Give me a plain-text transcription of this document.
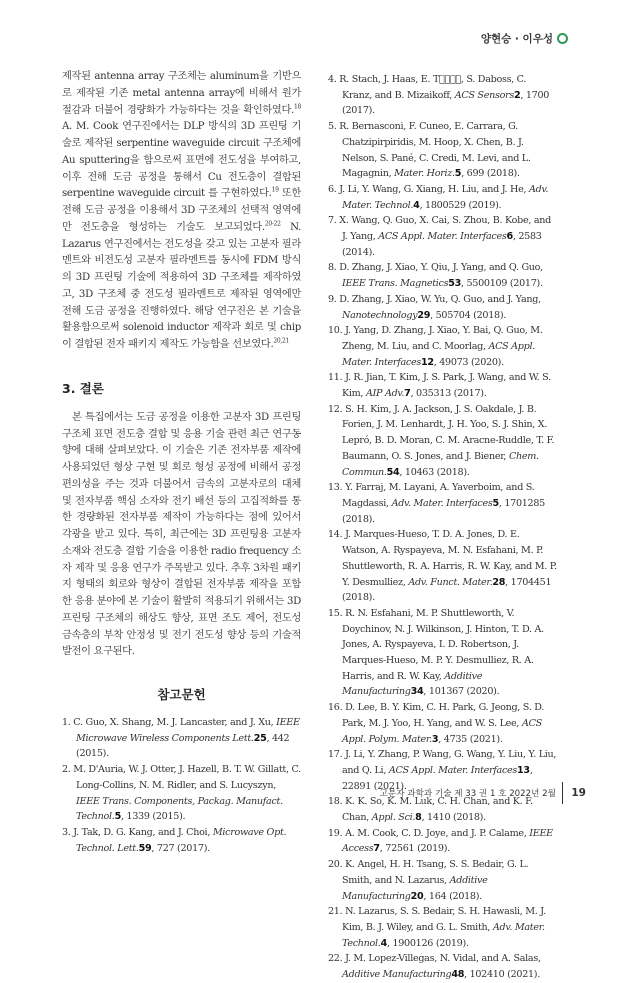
양현승 · 이우성

제작된 antenna array 구조체는 aluminum을 기반으로 제작된 기존 metal antenna array에 비해서 원가 절감과 더불어 경량화가 가능하다는 것을 확인하였다.$^{18}$ A. M. Cook 연구진에서는 DLP 방식의 3D 프린팅 기술로 제작된 serpentine waveguide circuit 구조체에 Au sputtering을 함으로써 표면에 전도성을 부여하고, 이후 전해 도금 공정을 통해서 Cu 전도층이 결합된 serpentine waveguide circuit 를 구현하였다.$^{19}$ 또한 전해 도금 공정을 이용해서 3D 구조체의 선택적 영역에만 전도층을 형성하는 기술도 보고되었다.$^{20-22}$ N. Lazarus 연구진에서는 전도성을 갖고 있는 고분자 필라멘트와 비전도성 고분자 필라멘트를 동시에 FDM 방식의 3D 프린팅 기술에 적용하여 3D 구조체를 제작하였고, 3D 구조체 중 전도성 필라멘트로 제작된 영역에만 전해 도금 공정을 진행하였다. 해당 연구진은 본 기술을 활용함으로써 solenoid inductor 제작과 회로 및 chip이 결합된 전자 패키지 제작도 가능함을 선보였다.$^{20,21}$

3. 결론

본 특집에서는 도금 공정을 이용한 고분자 3D 프린팅 구조체 표면 전도층 결합 및 응용 기술 관련 최근 연구동향에 대해 살펴보았다. 이 기술은 기존 전자부품 제작에 사용되었던 형상 구현 및 회로 형성 공정에 비해서 공정 편의성을 주는 것과 더불어서 금속의 고분자로의 대체 및 전자부품 핵심 소자와 전기 배선 등의 고집적화를 통한 경량화된 전자부품 제작이 가능하다는 점에 있어서 각광을 받고 있다. 특히, 최근에는 3D 프린팅용 고분자 소재와 전도층 결합 기술을 이용한 radio frequency 소자 제작 및 응용 연구가 주목받고 있다. 추후 3차원 패키지 형태의 회로와 형상이 결합된 전자부품 제작을 포함한 응용 분야에 본 기술이 활발히 적용되기 위해서는 3D 프린팅 구조체의 해상도 향상, 표면 조도 제어, 전도성 금속층의 부착 안정성 및 전기 전도성 향상 등의 기술적 발전이 요구된다.

참고문헌

1. C. Guo, X. Shang, M. J. Lancaster, and J. Xu, IEEE Microwave Wireless Components Lett.25, 442 (2015).

2. M. D'Auria, W. J. Otter, J. Hazell, B. T. W. Gillatt, C. Long-Collins, N. M. Ridler, and S. Lucyszyn, IEEE Trans. Components, Packag. Manufact. Technol.5, 1339 (2015).

3. J. Tak, D. G. Kang, and J. Choi, Microwave Opt. Technol. Lett.59, 727 (2017).

4. R. Stach, J. Haas, E. T    , S. Daboss, C. Kranz, and B. Mizaikoff, ACS Sensors2, 1700 (2017).

5. R. Bernasconi, F. Cuneo, E. Carrara, G. Chatzipirpiridis, M. Hoop, X. Chen, B. J. Nelson, S. Pané, C. Credi, M. Levi, and L. Magagnin, Mater. Horiz.5, 699 (2018).

6. J. Li, Y. Wang, G. Xiang, H. Liu, and J. He, Adv. Mater. Technol.4, 1800529 (2019).

7. X. Wang, Q. Guo, X. Cai, S. Zhou, B. Kobe, and J. Yang, ACS Appl. Mater. Interfaces6, 2583 (2014).

8. D. Zhang, J. Xiao, Y. Qiu, J. Yang, and Q. Guo, IEEE Trans. Magnetics53, 5500109 (2017).

9. D. Zhang, J. Xiao, W. Yu, Q. Guo, and J. Yang, Nanotechnology29, 505704 (2018).

10. J. Yang, D. Zhang, J. Xiao, Y. Bai, Q. Guo, M. Zheng, M. Liu, and C. Moorlag, ACS Appl. Mater. Interfaces12, 49073 (2020).

11. J. R. Jian, T. Kim, J. S. Park, J. Wang, and W. S. Kim, AIP Adv.7, 035313 (2017).

12. S. H. Kim, J. A. Jackson, J. S. Oakdale, J. B. Forien, J. M. Lenhardt, J. H. Yoo, S. J. Shin, X. Lepró, B. D. Moran, C. M. Aracne-Ruddle, T. F. Baumann, O. S. Jones, and J. Biener, Chem. Commun.54, 10463 (2018).

13. Y. Farraj, M. Layani, A. Yaverboim, and S. Magdassi, Adv. Mater. Interfaces5, 1701285 (2018).

14. J. Marques-Hueso, T. D. A. Jones, D. E. Watson, A. Ryspayeva, M. N. Esfahani, M. P. Shuttleworth, R. A. Harris, R. W. Kay, and M. P. Y. Desmulliez, Adv. Funct. Mater.28, 1704451 (2018).

15. R. N. Esfahani, M. P. Shuttleworth, V. Doychinov, N. J. Wilkinson, J. Hinton, T. D. A. Jones, A. Ryspayeva, I. D. Robertson, J. Marques-Hueso, M. P. Y. Desmulliez, R. A. Harris, and R. W. Kay, Additive Manufacturing34, 101367 (2020).

16. D. Lee, B. Y. Kim, C. H. Park, G. Jeong, S. D. Park, M. J. Yoo, H. Yang, and W. S. Lee, ACS Appl. Polym. Mater.3, 4735 (2021).

17. J. Li, Y. Zhang, P. Wang, G. Wang, Y. Liu, Y. Liu, and Q. Li, ACS Appl. Mater. Interfaces13, 22891 (2021).

18. K. K. So, K. M. Luk, C. H. Chan, and K. F. Chan, Appl. Sci.8, 1410 (2018).

19. A. M. Cook, C. D. Joye, and J. P. Calame, IEEE Access7, 72561 (2019).

20. K. Angel, H. H. Tsang, S. S. Bedair, G. L. Smith, and N. Lazarus, Additive Manufacturing20, 164 (2018).

21. N. Lazarus, S. S. Bedair, S. H. Hawasli, M. J. Kim, B. J. Wiley, and G. L. Smith, Adv. Mater. Technol.4, 1900126 (2019).

22. J. M. Lopez-Villegas, N. Vidal, and A. Salas, Additive Manufacturing48, 102410 (2021).

고분자 과학과 기술 제 33 권 1 호 2022년 2월 19
